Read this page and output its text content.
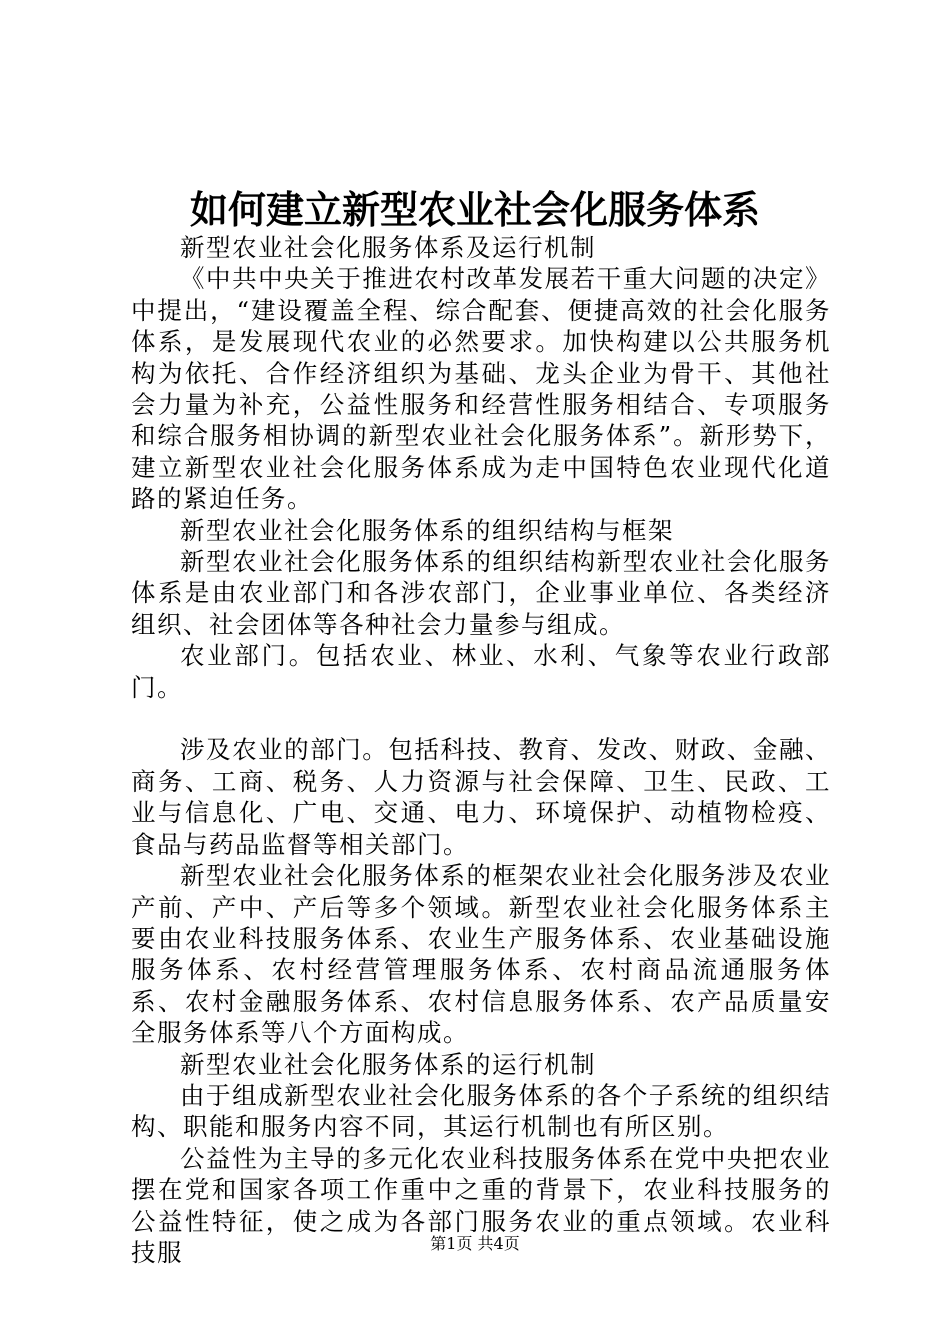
如何建立新型农业社会化服务体系

新型农业社会化服务体系及运行机制

《中共中央关于推进农村改革发展若干重大问题的决定》中提出，“建设覆盖全程、综合配套、便捷高效的社会化服务体系，是发展现代农业的必然要求。加快构建以公共服务机构为依托、合作经济组织为基础、龙头企业为骨干、其他社会力量为补充，公益性服务和经营性服务相结合、专项服务和综合服务相协调的新型农业社会化服务体系”。新形势下，建立新型农业社会化服务体系成为走中国特色农业现代化道路的紧迫任务。

新型农业社会化服务体系的组织结构与框架

新型农业社会化服务体系的组织结构新型农业社会化服务体系是由农业部门和各涉农部门，企业事业单位、各类经济组织、社会团体等各种社会力量参与组成。

农业部门。包括农业、林业、水利、气象等农业行政部门。

涉及农业的部门。包括科技、教育、发改、财政、金融、商务、工商、税务、人力资源与社会保障、卫生、民政、工业与信息化、广电、交通、电力、环境保护、动植物检疫、食品与药品监督等相关部门。

新型农业社会化服务体系的框架农业社会化服务涉及农业产前、产中、产后等多个领域。新型农业社会化服务体系主要由农业科技服务体系、农业生产服务体系、农业基础设施服务体系、农村经营管理服务体系、农村商品流通服务体系、农村金融服务体系、农村信息服务体系、农产品质量安全服务体系等八个方面构成。

新型农业社会化服务体系的运行机制

由于组成新型农业社会化服务体系的各个子系统的组织结构、职能和服务内容不同，其运行机制也有所区别。

公益性为主导的多元化农业科技服务体系在党中央把农业摆在党和国家各项工作重中之重的背景下，农业科技服务的公益性特征，使之成为各部门服务农业的重点领域。农业科技服	第1页 共4页
